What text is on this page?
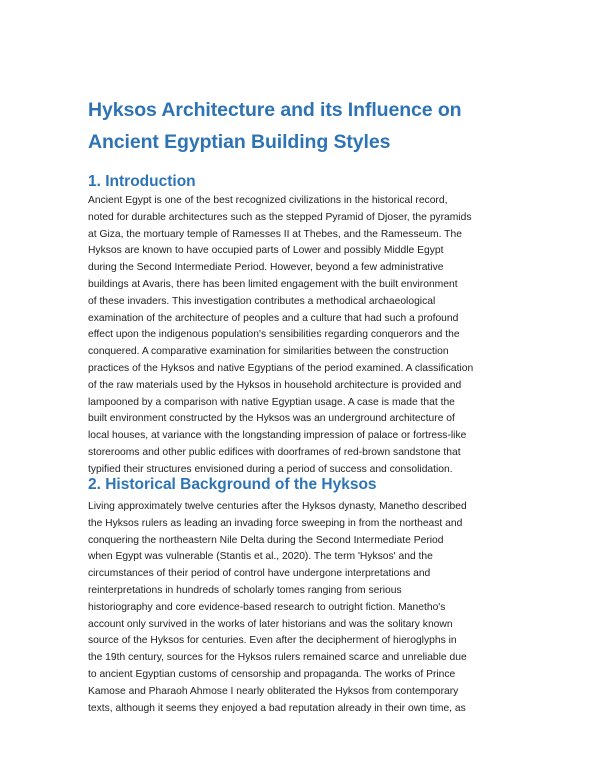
Hyksos Architecture and its Influence on
Ancient Egyptian Building Styles
1. Introduction
Ancient Egypt is one of the best recognized civilizations in the historical record,
noted for durable architectures such as the stepped Pyramid of Djoser, the pyramids
at Giza, the mortuary temple of Ramesses II at Thebes, and the Ramesseum. The
Hyksos are known to have occupied parts of Lower and possibly Middle Egypt
during the Second Intermediate Period. However, beyond a few administrative
buildings at Avaris, there has been limited engagement with the built environment
of these invaders. This investigation contributes a methodical archaeological
examination of the architecture of peoples and a culture that had such a profound
effect upon the indigenous population's sensibilities regarding conquerors and the
conquered. A comparative examination for similarities between the construction
practices of the Hyksos and native Egyptians of the period examined. A classification
of the raw materials used by the Hyksos in household architecture is provided and
lampooned by a comparison with native Egyptian usage. A case is made that the
built environment constructed by the Hyksos was an underground architecture of
local houses, at variance with the longstanding impression of palace or fortress-like
storerooms and other public edifices with doorframes of red-brown sandstone that
typified their structures envisioned during a period of success and consolidation.
2. Historical Background of the Hyksos
Living approximately twelve centuries after the Hyksos dynasty, Manetho described
the Hyksos rulers as leading an invading force sweeping in from the northeast and
conquering the northeastern Nile Delta during the Second Intermediate Period
when Egypt was vulnerable (Stantis et al., 2020). The term 'Hyksos' and the
circumstances of their period of control have undergone interpretations and
reinterpretations in hundreds of scholarly tomes ranging from serious
historiography and core evidence-based research to outright fiction. Manetho's
account only survived in the works of later historians and was the solitary known
source of the Hyksos for centuries. Even after the decipherment of hieroglyphs in
the 19th century, sources for the Hyksos rulers remained scarce and unreliable due
to ancient Egyptian customs of censorship and propaganda. The works of Prince
Kamose and Pharaoh Ahmose I nearly obliterated the Hyksos from contemporary
texts, although it seems they enjoyed a bad reputation already in their own time, as
